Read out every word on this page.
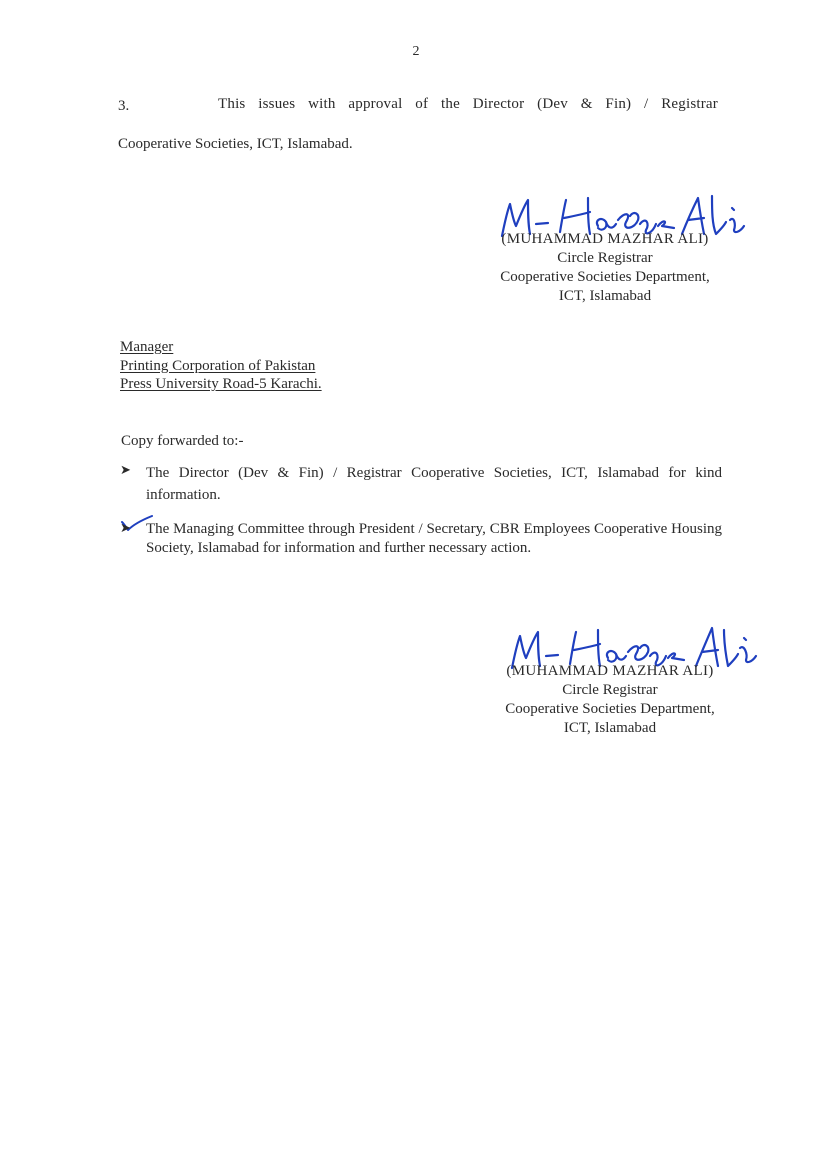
2
3.	This issues with approval of the Director (Dev & Fin) / Registrar
Cooperative Societies, ICT, Islamabad.
(MUHAMMAD MAZHAR ALI)
Circle Registrar
Cooperative Societies Department,
ICT, Islamabad
Manager
Printing Corporation of Pakistan
Press University Road-5 Karachi.
Copy forwarded to:-
➤ The Director (Dev & Fin) / Registrar Cooperative Societies, ICT, Islamabad for kind information.
➤ The Managing Committee through President / Secretary, CBR Employees Cooperative Housing Society, Islamabad for information and further necessary action.
(MUHAMMAD MAZHAR ALI)
Circle Registrar
Cooperative Societies Department,
ICT, Islamabad
